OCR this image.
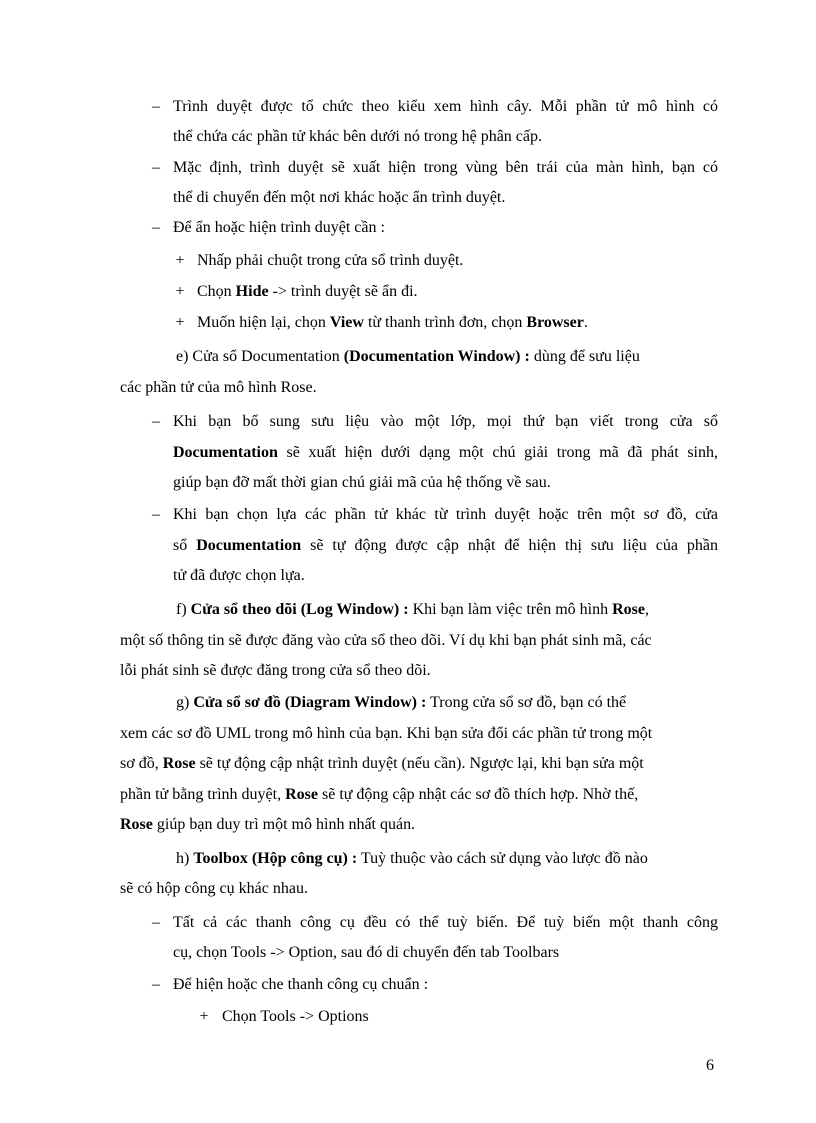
– Trình duyệt được tổ chức theo kiểu xem hình cây. Mỗi phần tử mô hình có
thể chứa các phần tử khác bên dưới nó trong hệ phân cấp.
– Mặc định, trình duyệt sẽ xuất hiện trong vùng bên trái của màn hình, bạn có
thể di chuyển đến một nơi khác hoặc ẩn trình duyệt.
– Để ẩn hoặc hiện trình duyệt cần :
+ Nhấp phải chuột trong cửa sổ trình duyệt.
+ Chọn Hide -> trình duyệt sẽ ẩn đi.
+ Muốn hiện lại, chọn View từ thanh trình đơn, chọn Browser.
e) Cửa sổ Documentation (Documentation Window) : dùng để sưu liệu
các phần tử của mô hình Rose.
– Khi bạn bổ sung sưu liệu vào một lớp, mọi thứ bạn viết trong cửa sổ
Documentation sẽ xuất hiện dưới dạng một chú giải trong mã đã phát sinh,
giúp bạn đỡ mất thời gian chú giải mã của hệ thống về sau.
– Khi bạn chọn lựa các phần tử khác từ trình duyệt hoặc trên một sơ đồ, cửa
sổ Documentation sẽ tự động được cập nhật để hiện thị sưu liệu của phần
tử đã được chọn lựa.
f) Cửa sổ theo dõi (Log Window) : Khi bạn làm việc trên mô hình Rose,
một số thông tin sẽ được đăng vào cửa sổ theo dõi. Ví dụ khi bạn phát sinh mã, các
lỗi phát sinh sẽ được đăng trong cửa sổ theo dõi.
g) Cửa sổ sơ đồ (Diagram Window) : Trong cửa sổ sơ đồ, bạn có thể
xem các sơ đồ UML trong mô hình của bạn. Khi bạn sửa đổi các phần tử trong một
sơ đồ, Rose sẽ tự động cập nhật trình duyệt (nếu cần). Ngược lại, khi bạn sửa một
phần tử bằng trình duyệt, Rose sẽ tự động cập nhật các sơ đồ thích hợp. Nhờ thế,
Rose giúp bạn duy trì một mô hình nhất quán.
h) Toolbox (Hộp công cụ) : Tuỳ thuộc vào cách sử dụng vào lược đồ nào
sẽ có hộp công cụ khác nhau.
– Tất cả các thanh công cụ đều có thể tuỳ biến. Để tuỳ biến một thanh công
cụ, chọn Tools -> Option, sau đó di chuyển đến tab Toolbars
– Để hiện hoặc che thanh công cụ chuẩn :
+ Chọn Tools -> Options
6
